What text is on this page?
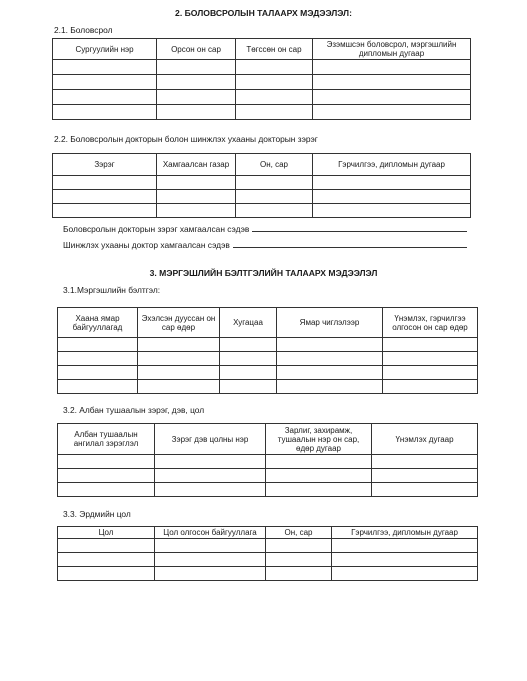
2. БОЛОВСРОЛЫН ТАЛААРХ МЭДЭЭЛЭЛ:
2.1. Боловсрол
Сургуулийн нэр	Орсон он сар	Төгссөн он сар	Эзэмшсэн боловсрол, мэргэшлийн диплом​ын дугаар

2.2. Боловсролын докторын болон шинжлэх ухааны докторын зэрэг
Зэрэг	Хамгаалсан газар	Он, сар	Гэрчилгээ, дипломын дугаар

Боловсролын докторын зэрэг хамгаалсан сэдэв
Шинжлэх ухааны доктор хамгаалсан сэдэв
3. МЭРГЭШЛИЙН БЭЛТГЭЛИЙН ТАЛААРХ МЭДЭЭЛЭЛ
3.1.Мэргэшлийн бэлтгэл:
Хаана ямар байгууллагад	Эхэлсэн дууссан он сар өдөр	Хугацаа	Ямар чиглэлээр	Үнэмлэх, гэрчилгээ олгосон он сар өдөр

3.2. Албан тушаалын зэрэг, дэв, цол
Албан тушаалын ангилал зэрэглэл	Зэрэг дэв цолны нэр	Зарлиг, захирамж, тушаалын нэр он сар, өдөр дугаар	Үнэмлэх дугаар

3.3. Эрдмийн цол
Цол	Цол олгосон байгууллага	Он, сар	Гэрчилгээ, дипломын дугаар
